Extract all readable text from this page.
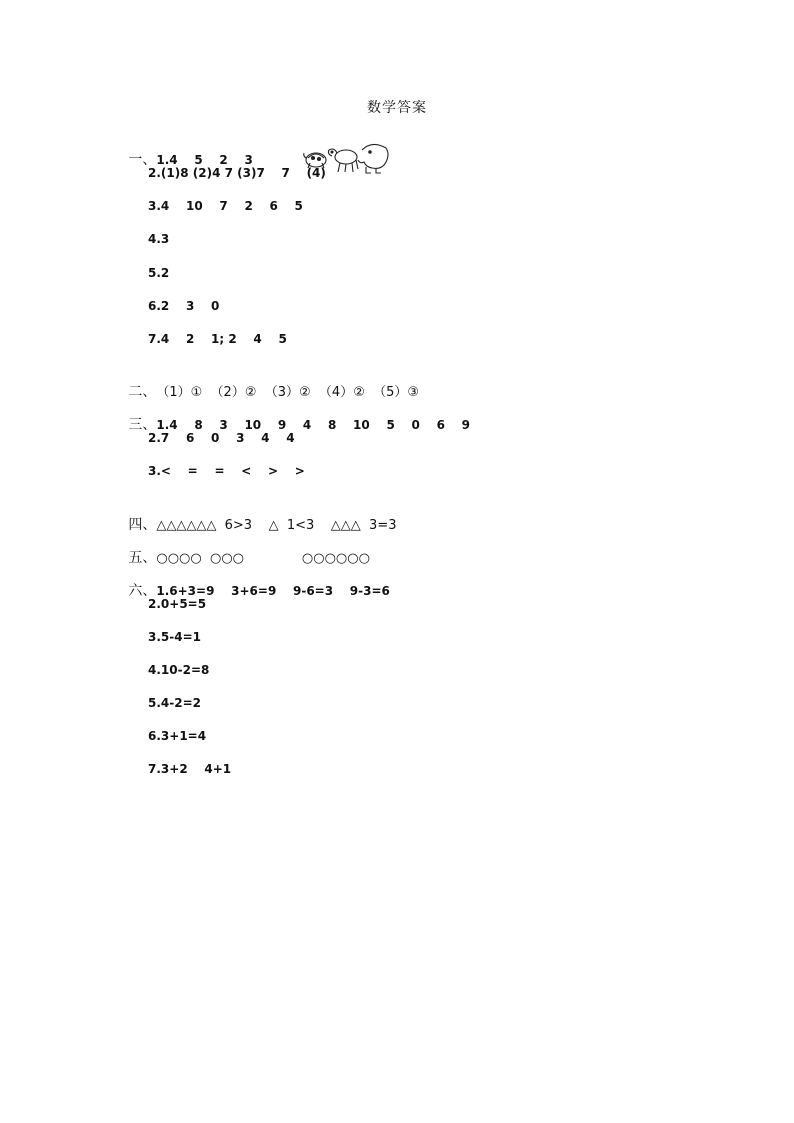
数学答案

一、1.4    5    2    3

2.(1)8 (2)4 7 (3)7    7    (4)
3.4    10    7    2    6    5
4.3
5.2
6.2    3    0
7.4    2    1; 2    4    5

二、（1）①  （2）②  （3）②  （4）②  （5）③

三、1.4    8    3    10    9    4    8    10    5    0    6    9

2.7    6    0    3    4    4
3.<    =    =    <    >    >

四、△△△△△△  6>3    △  1<3    △△△  3=3

五、○○○○  ○○○              ○○○○○○

六、1.6+3=9    3+6=9    9-6=3    9-3=6

2.0+5=5
3.5-4=1
4.10-2=8
5.4-2=2
6.3+1=4
7.3+2    4+1
